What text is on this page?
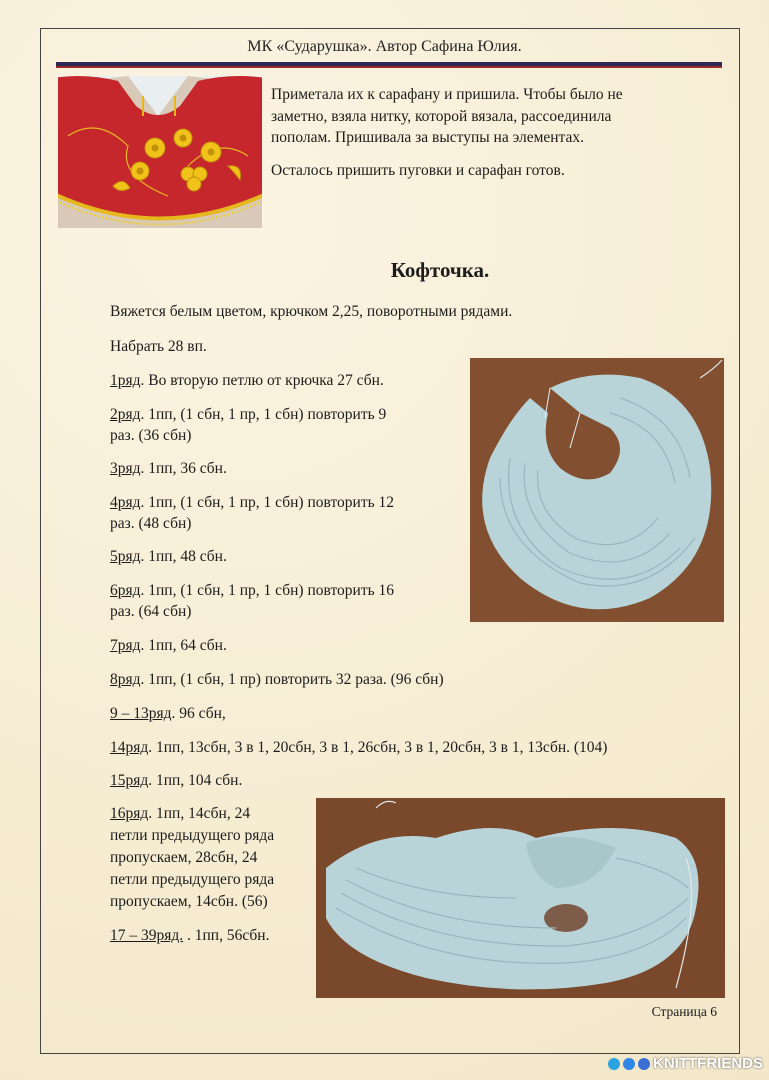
МК «Сударушка». Автор Сафина Юлия.

Приметала их к сарафану и пришила. Чтобы было не

заметно, взяла нитку, которой вязала, рассоединила

пополам. Пришивала за выступы на элементах.

Осталось пришить пуговки и сарафан готов.

Кофточка.

Вяжется белым цветом, крючком 2,25, поворотными рядами.

Набрать 28 вп.

1ряд. Во вторую петлю от крючка 27 сбн.

2ряд. 1пп, (1 сбн, 1 пр, 1 сбн) повторить 9

раз. (36 сбн)

3ряд. 1пп, 36 сбн.

4ряд. 1пп, (1 сбн, 1 пр, 1 сбн) повторить 12

раз. (48 сбн)

5ряд. 1пп, 48 сбн.

6ряд. 1пп, (1 сбн, 1 пр, 1 сбн) повторить 16

раз. (64 сбн)

7ряд. 1пп, 64 сбн.

8ряд. 1пп, (1 сбн, 1 пр) повторить 32 раза. (96 сбн)

9 – 13ряд. 96 сбн,

14ряд. 1пп, 13сбн, 3 в 1, 20сбн, 3 в 1, 26сбн, 3 в 1, 20сбн, 3 в 1, 13сбн. (104)

15ряд. 1пп, 104 сбн.

16ряд. 1пп, 14сбн, 24

петли предыдущего ряда

пропускаем, 28сбн, 24

петли предыдущего ряда

пропускаем, 14сбн. (56)

17 – 39ряд. . 1пп, 56сбн.

Страница 6
KNITTFRIENDS
